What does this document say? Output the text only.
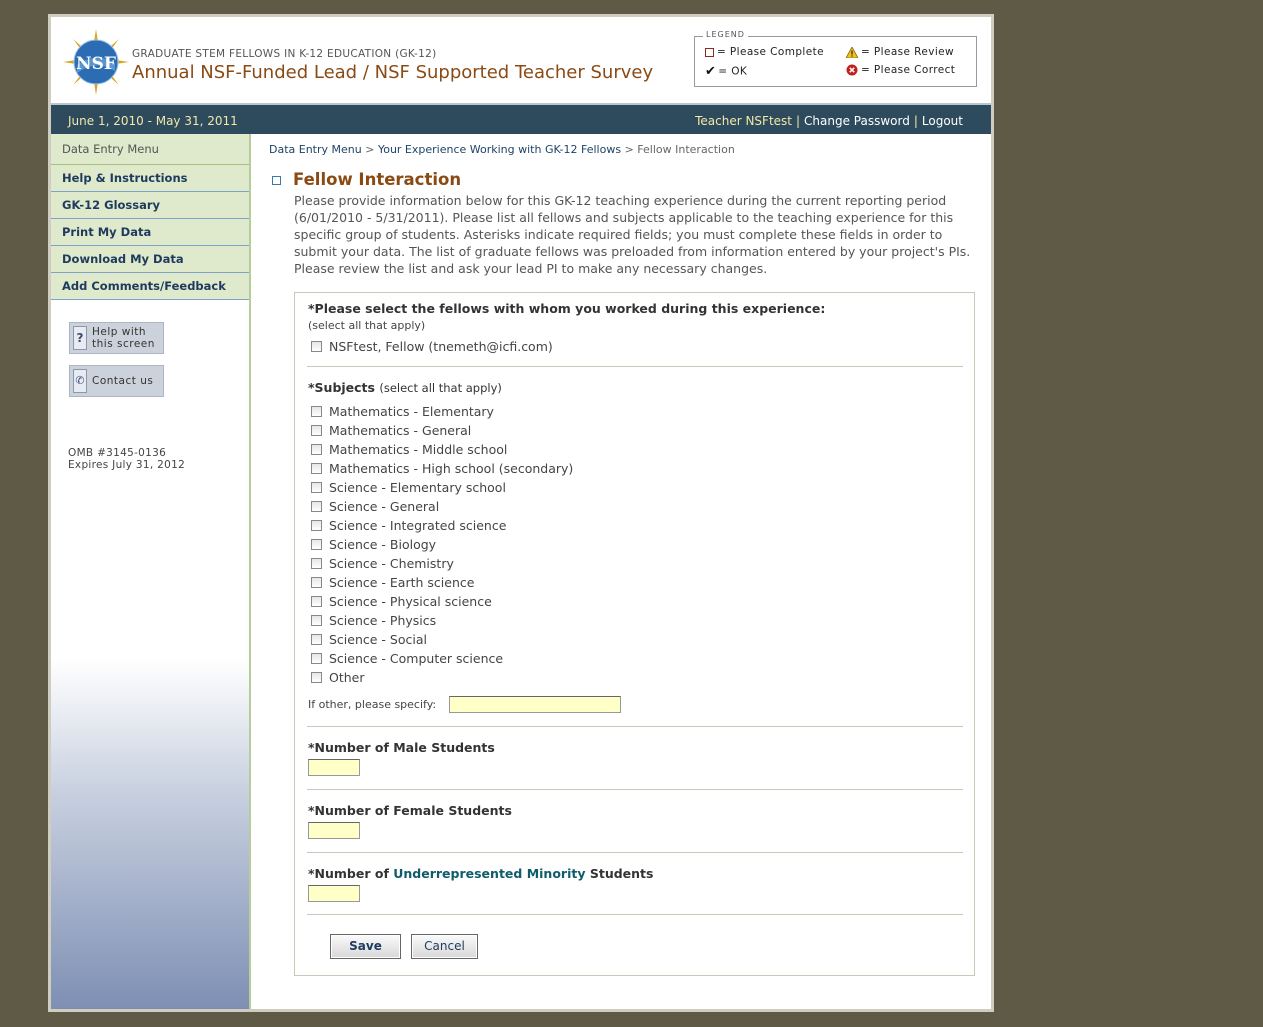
NSF GRADUATE STEM FELLOWS IN K-12 EDUCATION (GK-12)
Annual NSF-Funded Lead / NSF Supported Teacher Survey
LEGEND
= Please Complete	= Please Review
✔ = OK	= Please Correct
June 1, 2010 - May 31, 2011	Teacher NSFtest | Change Password | Logout
Data Entry Menu
Help & Instructions
GK-12 Glossary
Print My Data
Download My Data
Add Comments/Feedback
? Help with
this screen
✆ Contact us
OMB #3145-0136
Expires July 31, 2012
Data Entry Menu > Your Experience Working with GK-12 Fellows > Fellow Interaction
Fellow Interaction
Please provide information below for this GK-12 teaching experience during the current reporting period (6/01/2010 - 5/31/2011). Please list all fellows and subjects applicable to the teaching experience for this specific group of students. Asterisks indicate required fields; you must complete these fields in order to submit your data. The list of graduate fellows was preloaded from information entered by your project's PIs. Please review the list and ask your lead PI to make any necessary changes.
*Please select the fellows with whom you worked during this experience:
(select all that apply)
NSFtest, Fellow (tnemeth@icfi.com)
*Subjects (select all that apply)
Mathematics - Elementary
Mathematics - General
Mathematics - Middle school
Mathematics - High school (secondary)
Science - Elementary school
Science - General
Science - Integrated science
Science - Biology
Science - Chemistry
Science - Earth science
Science - Physical science
Science - Physics
Science - Social
Science - Computer science
Other
If other, please specify:
*Number of Male Students
*Number of Female Students
*Number of Underrepresented Minority Students
Save	Cancel
